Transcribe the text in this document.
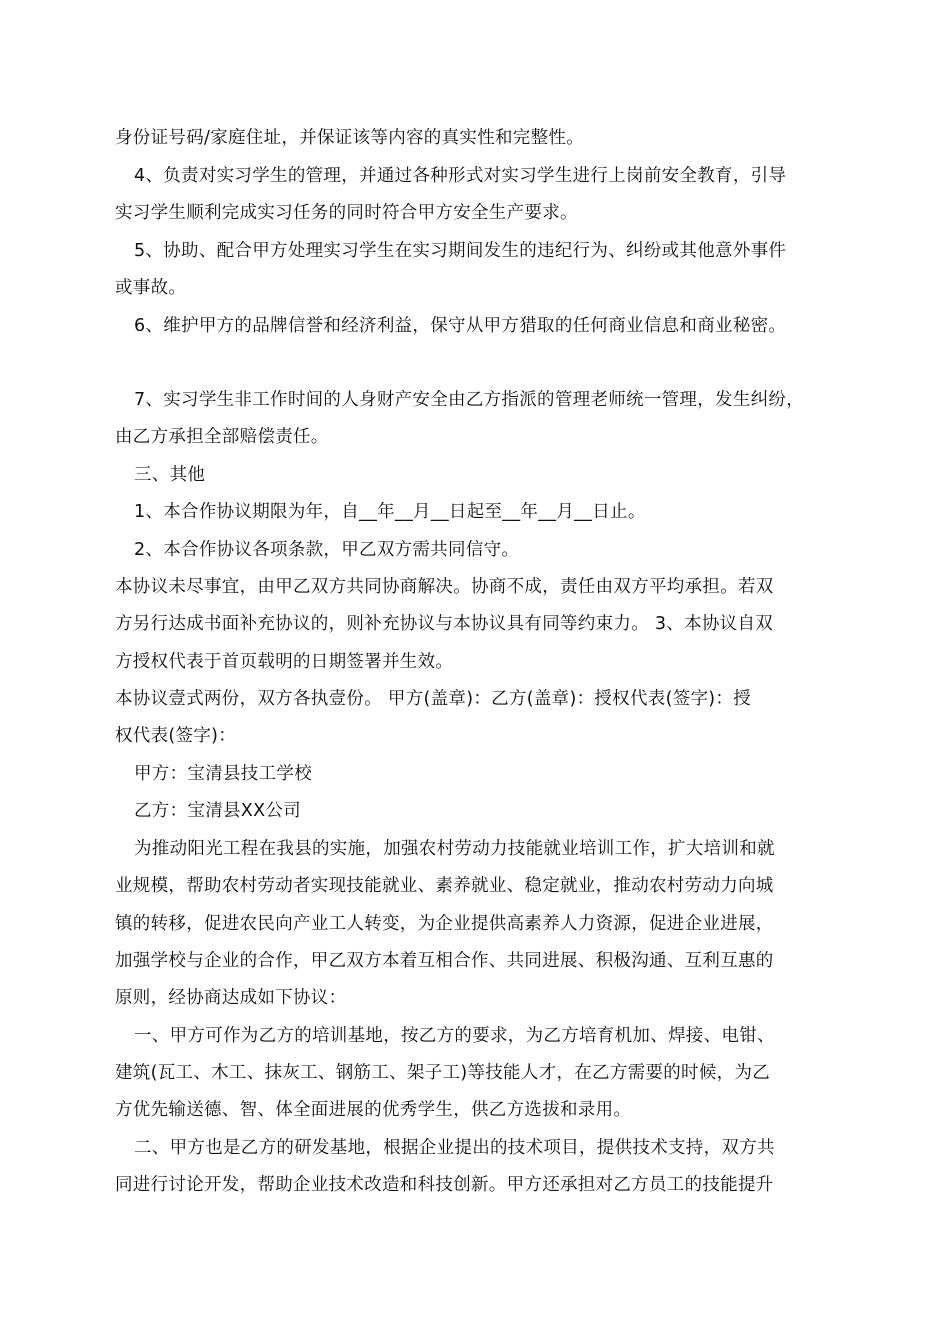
身份证号码/家庭住址，并保证该等内容的真实性和完整性。
4、负责对实习学生的管理，并通过各种形式对实习学生进行上岗前安全教育，引导
实习学生顺利完成实习任务的同时符合甲方安全生产要求。
5、协助、配合甲方处理实习学生在实习期间发生的违纪行为、纠纷或其他意外事件
或事故。
6、维护甲方的品牌信誉和经济利益，保守从甲方猎取的任何商业信息和商业秘密。
7、实习学生非工作时间的人身财产安全由乙方指派的管理老师统一管理，发生纠纷，
由乙方承担全部赔偿责任。
三、其他
1、本合作协议期限为年，自__年__月__日起至__年__月__日止。
2、本合作协议各项条款，甲乙双方需共同信守。
本协议未尽事宜，由甲乙双方共同协商解决。协商不成，责任由双方平均承担。若双
方另行达成书面补充协议的，则补充协议与本协议具有同等约束力。 3、本协议自双
方授权代表于首页载明的日期签署并生效。
本协议壹式两份，双方各执壹份。 甲方(盖章)：乙方(盖章)：授权代表(签字)：授
权代表(签字)：
甲方：宝清县技工学校
乙方：宝清县XX公司
为推动阳光工程在我县的实施，加强农村劳动力技能就业培训工作，扩大培训和就
业规模，帮助农村劳动者实现技能就业、素养就业、稳定就业，推动农村劳动力向城
镇的转移，促进农民向产业工人转变，为企业提供高素养人力资源，促进企业进展，
加强学校与企业的合作，甲乙双方本着互相合作、共同进展、积极沟通、互利互惠的
原则，经协商达成如下协议：
一、甲方可作为乙方的培训基地，按乙方的要求，为乙方培育机加、焊接、电钳、
建筑(瓦工、木工、抹灰工、钢筋工、架子工)等技能人才，在乙方需要的时候，为乙
方优先输送德、智、体全面进展的优秀学生，供乙方选拔和录用。
二、甲方也是乙方的研发基地，根据企业提出的技术项目，提供技术支持，双方共
同进行讨论开发，帮助企业技术改造和科技创新。甲方还承担对乙方员工的技能提升
